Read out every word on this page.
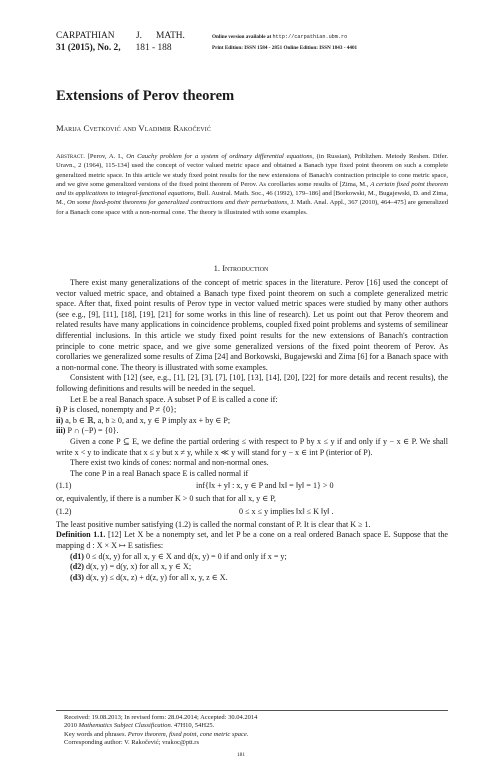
CARPATHIAN J. MATH.
31 (2015), No. 2, 181 - 188
Online version available at http://carpathian.ubm.ro
Print Edition: ISSN 1584 - 2851 Online Edition: ISSN 1843 - 4401
Extensions of Perov theorem
Marija Cvetković and Vladimir Rakočević
Abstract. [Perov, A. I., On Cauchy problem for a system of ordinary differential equations, (in Russian), Priblizhen. Metody Reshen. Difer. Uravn., 2 (1964), 115-134] used the concept of vector valued metric space and obtained a Banach type fixed point theorem on such a complete generalized metric space. In this article we study fixed point results for the new extensions of Banach's contraction principle to cone metric space, and we give some generalized versions of the fixed point theorem of Perov. As corollaries some results of [Zima, M., A certain fixed point theorem and its applications to integral-functional equations, Bull. Austral. Math. Soc., 46 (1992), 179–186] and [Borkowski, M., Bugajewski, D. and Zima, M., On some fixed-point theorems for generalized contractions and their perturbations, J. Math. Anal. Appl., 367 (2010), 464–475] are generalized for a Banach cone space with a non-normal cone. The theory is illustrated with some examples.
1. Introduction

There exist many generalizations of the concept of metric spaces in the literature. Perov [16] used the concept of vector valued metric space, and obtained a Banach type fixed point theorem on such a complete generalized metric space. After that, fixed point results of Perov type in vector valued metric spaces were studied by many other authors (see e.g., [9], [11], [18], [19], [21] for some works in this line of research). Let us point out that Perov theorem and related results have many applications in coincidence problems, coupled fixed point problems and systems of semilinear differential inclusions. In this article we study fixed point results for the new extensions of Banach's contraction principle to cone metric space, and we give some generalized versions of the fixed point theorem of Perov. As corollaries we generalized some results of Zima [24] and Borkowski, Bugajewski and Zima [6] for a Banach space with a non-normal cone. The theory is illustrated with some examples.

Consistent with [12] (see, e.g., [1], [2], [3], [7], [10], [13], [14], [20], [22] for more details and recent results), the following definitions and results will be needed in the sequel.

Let E be a real Banach space. A subset P of E is called a cone if:

i) P is closed, nonempty and P ≠ {0};

ii) a, b ∈ ℝ, a, b ≥ 0, and x, y ∈ P imply ax + by ∈ P;

iii) P ∩ (−P) = {0}.

Given a cone P ⊆ E, we define the partial ordering ≤ with respect to P by x ≤ y if and only if y − x ∈ P. We shall write x < y to indicate that x ≤ y but x ≠ y, while x ≪ y will stand for y − x ∈ int P (interior of P).

There exist two kinds of cones: normal and non-normal ones.

The cone P in a real Banach space E is called normal if

(1.1)	inf{‖x + y‖ : x, y ∈ P and ‖x‖ = ‖y‖ = 1} > 0

or, equivalently, if there is a number K > 0 such that for all x, y ∈ P,

(1.2)	0 ≤ x ≤ y implies ‖x‖ ≤ K ‖y‖ .

The least positive number satisfying (1.2) is called the normal constant of P. It is clear that K ≥ 1.

Definition 1.1. [12] Let X be a nonempty set, and let P be a cone on a real ordered Banach space E. Suppose that the mapping d : X × X ↦ E satisfies:

(d1) 0 ≤ d(x, y) for all x, y ∈ X and d(x, y) = 0 if and only if x = y;

(d2) d(x, y) = d(y, x) for all x, y ∈ X;

(d3) d(x, y) ≤ d(x, z) + d(z, y) for all x, y, z ∈ X.

Received: 19.08.2013; In revised form: 28.04.2014; Accepted: 30.04.2014
2010 Mathematics Subject Classification. 47H10, 54H25.
Key words and phrases. Perov theorem, fixed point, cone metric space.
Corresponding author: V. Rakočević; vrakoc@ptt.rs
181
